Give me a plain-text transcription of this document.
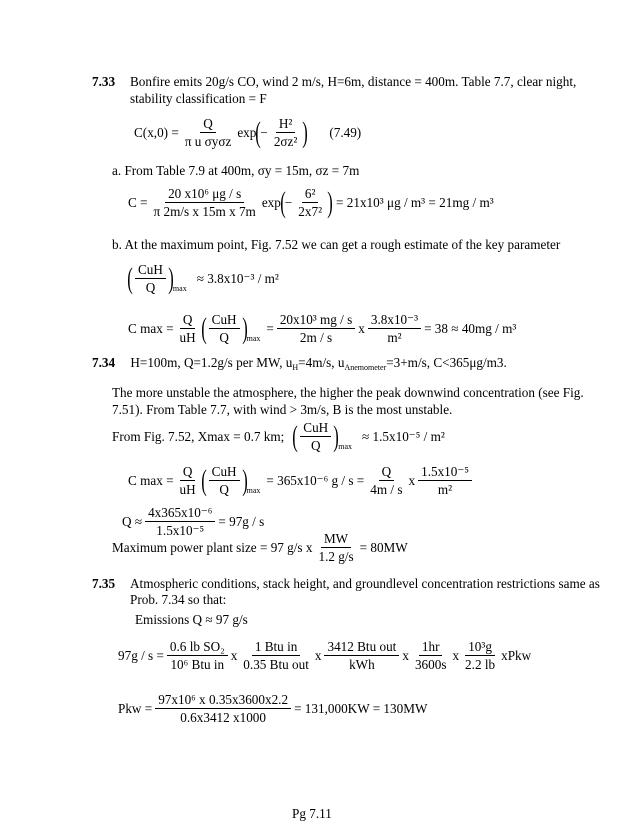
7.33 Bonfire emits 20g/s CO, wind 2 m/s, H=6m, distance = 400m. Table 7.7, clear night,
stability classification = F
$C(x,0) = \frac{Q}{\text{π u σyσz}}$ exp ( − $\frac{\text{H²}}{\text{2σz²}}$ ) (7.49)
a. From Table 7.9 at 400m, σy = 15m, σz = 7m
$C = \frac{\text{20 x10⁶ μg / s}}{\text{π 2m/s x 15m x 7m}}$ exp ( − $\frac{\text{6²}}{\text{2x7²}}$ ) = 21x10³ μg / m³ = 21mg / m³
b. At the maximum point, Fig. 7.52 we can get a rough estimate of the key parameter
( $\frac{\text{CuH}}{Q}$ ) max
≈ 3.8x10⁻³ / m²
C $\max = \frac{Q}{uH}$ ( $\frac{\text{CuH}}{Q}$ ) max
= $\frac{\text{20x10³ mg / s}}{2m / s}$ x $\frac{\text{3.8x10⁻³}}{\text{m²}} = 38 \approx 40mg / m^3$
7.34 H=100m, Q=1.2g/s per MW, $u_H=4m/s$, $u_{Anemometer}=3+m/s$, C<365μg/m3.
The more unstable the atmosphere, the higher the peak downwind concentration (see Fig.
7.51). From Table 7.7, with wind > 3m/s, B is the most unstable.
From Fig. 7.52, Xmax = 0.7 km; ( $\frac{\text{CuH}}{Q}$ ) max
≈ 1.5x10⁻⁵ / m²
C $\max = \frac{Q}{uH}$ ( $\frac{\text{CuH}}{Q}$ ) max
= 365x10⁻⁶ $g / s = \frac{Q}{4m / s}$ x $\frac{\text{1.5x10⁻⁵}}{\text{m²}}$
$Q \approx \frac{\text{4x365x10⁻⁶}}{\text{1.5x10⁻⁵}} = 97g / s$
Maximum power plant size = 97 g/s x $\frac{MW}{1.2 g/s} = 80MW$
7.35 Atmospheric conditions, stack height, and groundlevel concentration restrictions same as
Prob. 7.34 so that:
Emissions Q ≈ 97 g/s
$97g / s = \frac{\text{0.6 lb SO₂}}{\text{10⁶ Btu in}}$ x $\frac{\text{1 Btu in}}{\text{0.35 Btu out}}$ x $\frac{\text{3412 Btu out}}{\text{kWh}}$ x $\frac{1hr}{3600s}$ x $\frac{\text{10³g}}{2.2 lb}$ xPkw
Pkw = $\frac{\text{97x10⁶ x 0.35x3600x2.2}}{0.6x3412 x1000} = 131,000KW = 130MW$
Pg 7.11
